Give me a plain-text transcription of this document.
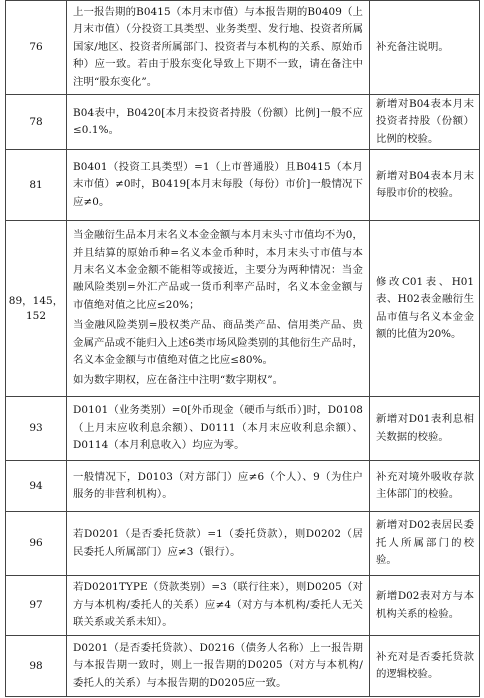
76	上一报告期的B0415（本月末市值）与本报告期的B0409（上月末市值）（分投资工具类型、业务类型、发行地、投资者所属国家/地区、投资者所属部门、投资者与本机构的关系、原始币种）应一致。若由于股东变化导致上下期不一致，请在备注中注明“股东变化”。	补充备注说明。

78	B04表中，B0420[本月末投资者持股（份额）比例]一般不应≤0.1%。	新增对B04表本月末投资者持股（份额）比例的校验。

81	B0401（投资工具类型）=1（上市普通股）且B0415（本月末市值）≠0时，B0419[本月末每股（每份）市价]一般情况下应≠0。	新增对B04表本月末每股市价的校验。

89，145，152	当金融衍生品本月末名义本金金额与本月末头寸市值均不为0，并且结算的原始币种=名义本金币种时，本月末头寸市值与本月末名义本金金额不能相等或接近，主要分为两种情况：当金融风险类别=外汇产品或一货币利率产品时，名义本金金额与市值绝对值之比应≤20%；

当金融风险类别=股权类产品、商品类产品、信用类产品、贵金属产品或不能归入上述6类市场风险类别的其他衍生产品时，名义本金金额与市值绝对值之比应≤80%。

如为数字期权，应在备注中注明“数字期权”。	修改C01表、H01表、H02表金融衍生品市值与名义本金金额的比值为20%。

93	D0101（业务类别）=0[外币现金（硬币与纸币）]时，D0108（上月末应收利息余额）、D0111（本月末应收利息余额）、D0114（本月利息收入）均应为零。	新增对D01表利息相关数据的校验。

94	一般情况下，D0103（对方部门）应≠6（个人）、9（为住户服务的非营利机构）。	补充对境外吸收存款主体部门的校验。

96	若D0201（是否委托贷款）=1（委托贷款），则D0202（居民委托人所属部门）应≠3（银行）。	新增对D02表居民委托人所属部门的校验。

97	若D0201TYPE（贷款类别）=3（联行往来），则D0205（对方与本机构/委托人的关系）应≠4（对方与本机构/委托人无关联关系或关系未知）。	新增D02表对方与本机构关系的检验。

98	D0201（是否委托贷款）、D0216（债务人名称）上一报告期与本报告期一致时，则上一报告期的D0205（对方与本机构/委托人的关系）与本报告期的D0205应一致。	补充对是否委托贷款的逻辑校验。
